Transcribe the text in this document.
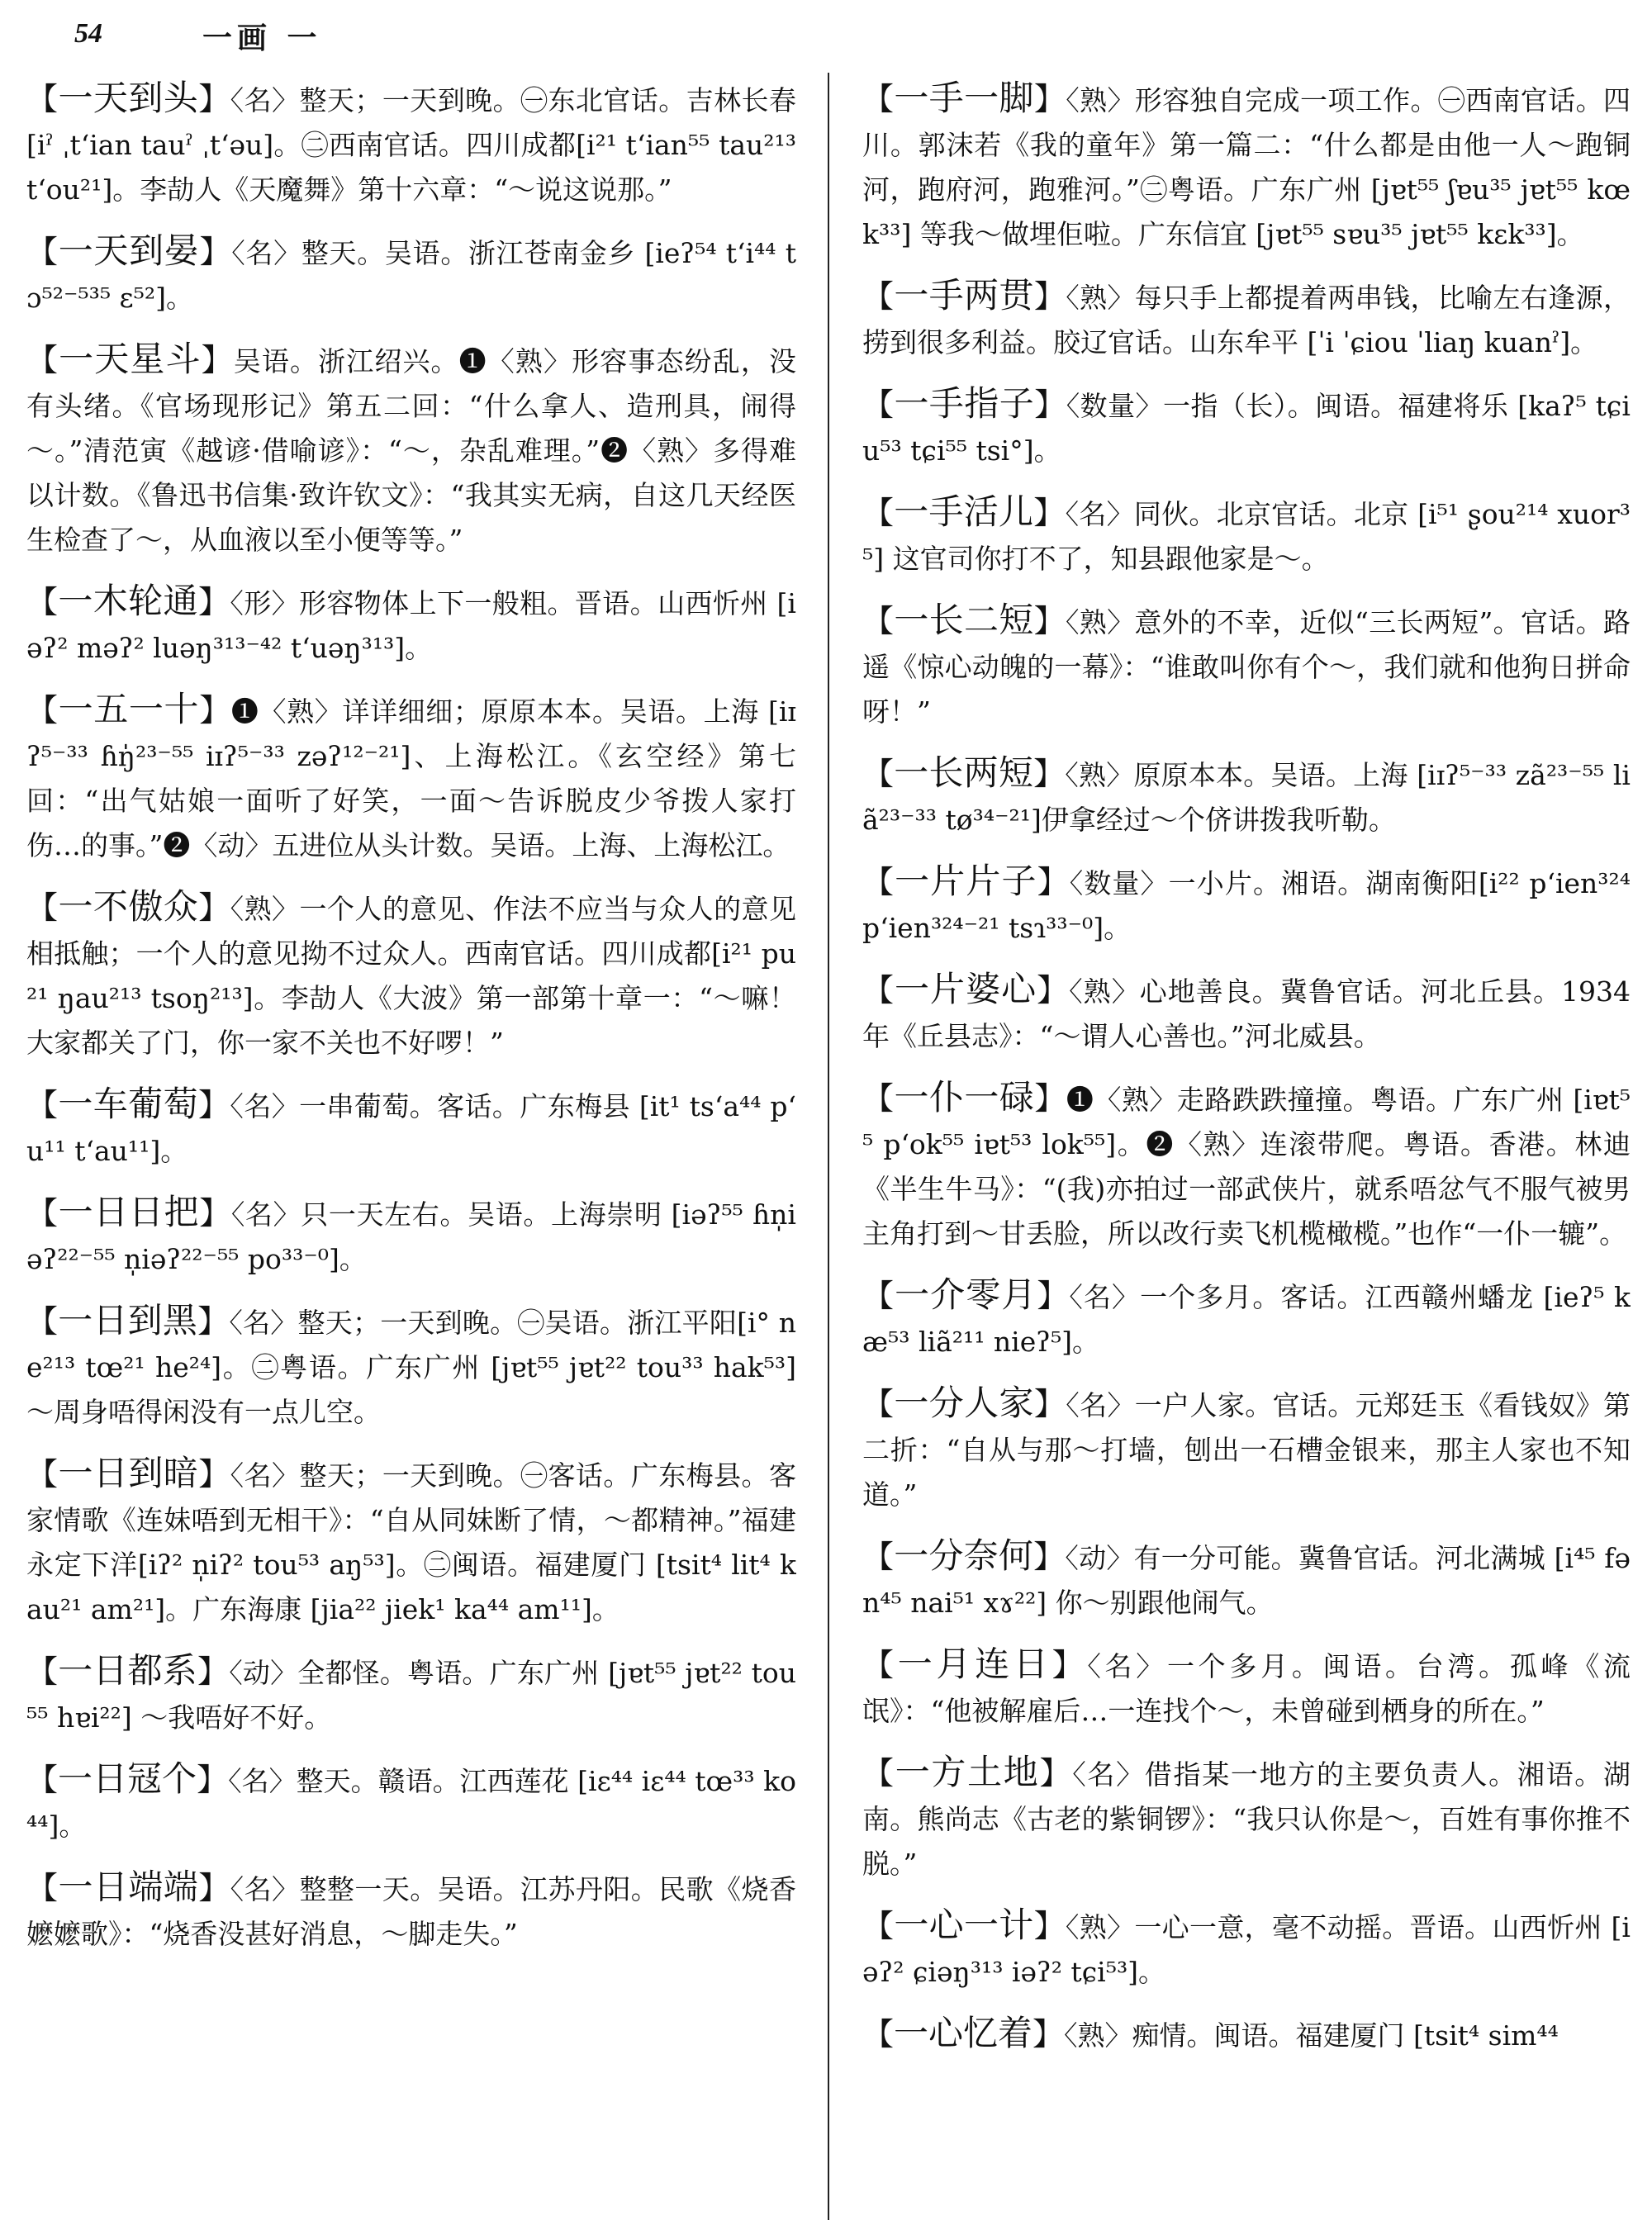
54	一画 一

【一天到头】〈名〉整天；一天到晚。㊀东北官话。吉林长春[iˀ ˌtʻian tauˀ ˌtʻəu]。㊁西南官话。四川成都[i²¹ tʻian⁵⁵ tau²¹³ tʻou²¹]。李劼人《天魔舞》第十六章：“～说这说那。”

【一天到晏】〈名〉整天。吴语。浙江苍南金乡 [ieʔ⁵⁴ tʻi⁴⁴ tɔ⁵²⁻⁵³⁵ ɛ⁵²]。

【一天星斗】吴语。浙江绍兴。❶〈熟〉形容事态纷乱，没有头绪。《官场现形记》第五二回：“什么拿人、造刑具，闹得～。”清范寅《越谚·借喻谚》：“～，杂乱难理。”❷〈熟〉多得难以计数。《鲁迅书信集·致许钦文》：“我其实无病，自这几天经医生检查了～，从血液以至小便等等。”

【一木轮通】〈形〉形容物体上下一般粗。晋语。山西忻州 [iəʔ² məʔ² luəŋ³¹³⁻⁴² tʻuəŋ³¹³]。

【一五一十】❶〈熟〉详详细细；原原本本。吴语。上海 [iɪʔ⁵⁻³³ ɦŋ̍²³⁻⁵⁵ iɪʔ⁵⁻³³ zəʔ¹²⁻²¹]、上海松江。《玄空经》第七回：“出气姑娘一面听了好笑，一面～告诉脱皮少爷拨人家打伤…的事。”❷〈动〉五进位从头计数。吴语。上海、上海松江。

【一不傲众】〈熟〉一个人的意见、作法不应当与众人的意见相抵触；一个人的意见拗不过众人。西南官话。四川成都[i²¹ pu²¹ ŋau²¹³ tsoŋ²¹³]。李劼人《大波》第一部第十章一：“～嘛！大家都关了门，你一家不关也不好啰！”

【一车葡萄】〈名〉一串葡萄。客话。广东梅县 [it¹ tsʻa⁴⁴ pʻu¹¹ tʻau¹¹]。

【一日日把】〈名〉只一天左右。吴语。上海崇明 [iəʔ⁵⁵ ɦn̩iəʔ²²⁻⁵⁵ n̩iəʔ²²⁻⁵⁵ po³³⁻⁰]。

【一日到黑】〈名〉整天；一天到晚。㊀吴语。浙江平阳[i° ne²¹³ tœ²¹ he²⁴]。㊁粤语。广东广州 [jɐt⁵⁵ jɐt²² tou³³ hak⁵³] ～周身唔得闲没有一点儿空。

【一日到暗】〈名〉整天；一天到晚。㊀客话。广东梅县。客家情歌《连妹唔到无相干》：“自从同妹断了情，～都精神。”福建永定下洋[iʔ² n̩iʔ² tou⁵³ aŋ⁵³]。㊁闽语。福建厦门 [tsit⁴ lit⁴ kau²¹ am²¹]。广东海康 [jia²² jiek¹ ka⁴⁴ am¹¹]。

【一日都系】〈动〉全都怪。粤语。广东广州 [jɐt⁵⁵ jɐt²² tou⁵⁵ hɐi²²] ～我唔好不好。

【一日冦个】〈名〉整天。赣语。江西莲花 [iɛ⁴⁴ iɛ⁴⁴ tœ³³ ko⁴⁴]。

【一日端端】〈名〉整整一天。吴语。江苏丹阳。民歌《烧香嬷嬷歌》：“烧香没甚好消息，～脚走失。”

【一手一脚】〈熟〉形容独自完成一项工作。㊀西南官话。四川。郭沫若《我的童年》第一篇二：“什么都是由他一人～跑铜河，跑府河，跑雅河。”㊁粤语。广东广州 [jɐt⁵⁵ ʃɐu³⁵ jɐt⁵⁵ kœk³³] 等我～做埋佢啦。广东信宜 [jɐt⁵⁵ sɐu³⁵ jɐt⁵⁵ kɛk³³]。

【一手两贯】〈熟〉每只手上都提着两串钱，比喻左右逢源，捞到很多利益。胶辽官话。山东牟平 [ˈi ˈɕiou ˈliaŋ kuanˀ]。

【一手指子】〈数量〉一指（长）。闽语。福建将乐 [kaʔ⁵ tɕiu⁵³ tɕi⁵⁵ tsi°]。

【一手活儿】〈名〉同伙。北京官话。北京 [i⁵¹ ʂou²¹⁴ xuor³⁵] 这官司你打不了，知县跟他家是～。

【一长二短】〈熟〉意外的不幸，近似“三长两短”。官话。路遥《惊心动魄的一幕》：“谁敢叫你有个～，我们就和他狗日拼命呀！”

【一长两短】〈熟〉原原本本。吴语。上海 [iɪʔ⁵⁻³³ zã²³⁻⁵⁵ liã²³⁻³³ tø³⁴⁻²¹]伊拿经过～个侪讲拨我听勒。

【一片片子】〈数量〉一小片。湘语。湖南衡阳[i²² pʻien³²⁴ pʻien³²⁴⁻²¹ tsɿ³³⁻⁰]。

【一片婆心】〈熟〉心地善良。冀鲁官话。河北丘县。1934年《丘县志》：“～谓人心善也。”河北威县。

【一仆一碌】❶〈熟〉走路跌跌撞撞。粤语。广东广州 [iɐt⁵⁵ pʻok⁵⁵ iɐt⁵³ lok⁵⁵]。❷〈熟〉连滚带爬。粤语。香港。林迪《半生牛马》：“(我)亦拍过一部武侠片，就系唔忿气不服气被男主角打到～甘丢脸，所以改行卖飞机榄橄榄。”也作“一仆一辘”。

【一介零月】〈名〉一个多月。客话。江西赣州蟠龙 [ieʔ⁵ kæ⁵³ liã²¹¹ nieʔ⁵]。

【一分人家】〈名〉一户人家。官话。元郑廷玉《看钱奴》第二折：“自从与那～打墙，刨出一石槽金银来，那主人家也不知道。”

【一分奈何】〈动〉有一分可能。冀鲁官话。河北满城 [i⁴⁵ fən⁴⁵ nai⁵¹ xɤ²²] 你～别跟他闹气。

【一月连日】〈名〉一个多月。闽语。台湾。孤峰《流氓》：“他被解雇后…一连找个～，未曾碰到栖身的所在。”

【一方土地】〈名〉借指某一地方的主要负责人。湘语。湖南。熊尚志《古老的紫铜锣》：“我只认你是～，百姓有事你推不脱。”

【一心一计】〈熟〉一心一意，毫不动摇。晋语。山西忻州 [iəʔ² ɕiəŋ³¹³ iəʔ² tɕi⁵³]。

【一心忆着】〈熟〉痴情。闽语。福建厦门 [tsit⁴ sim⁴⁴
